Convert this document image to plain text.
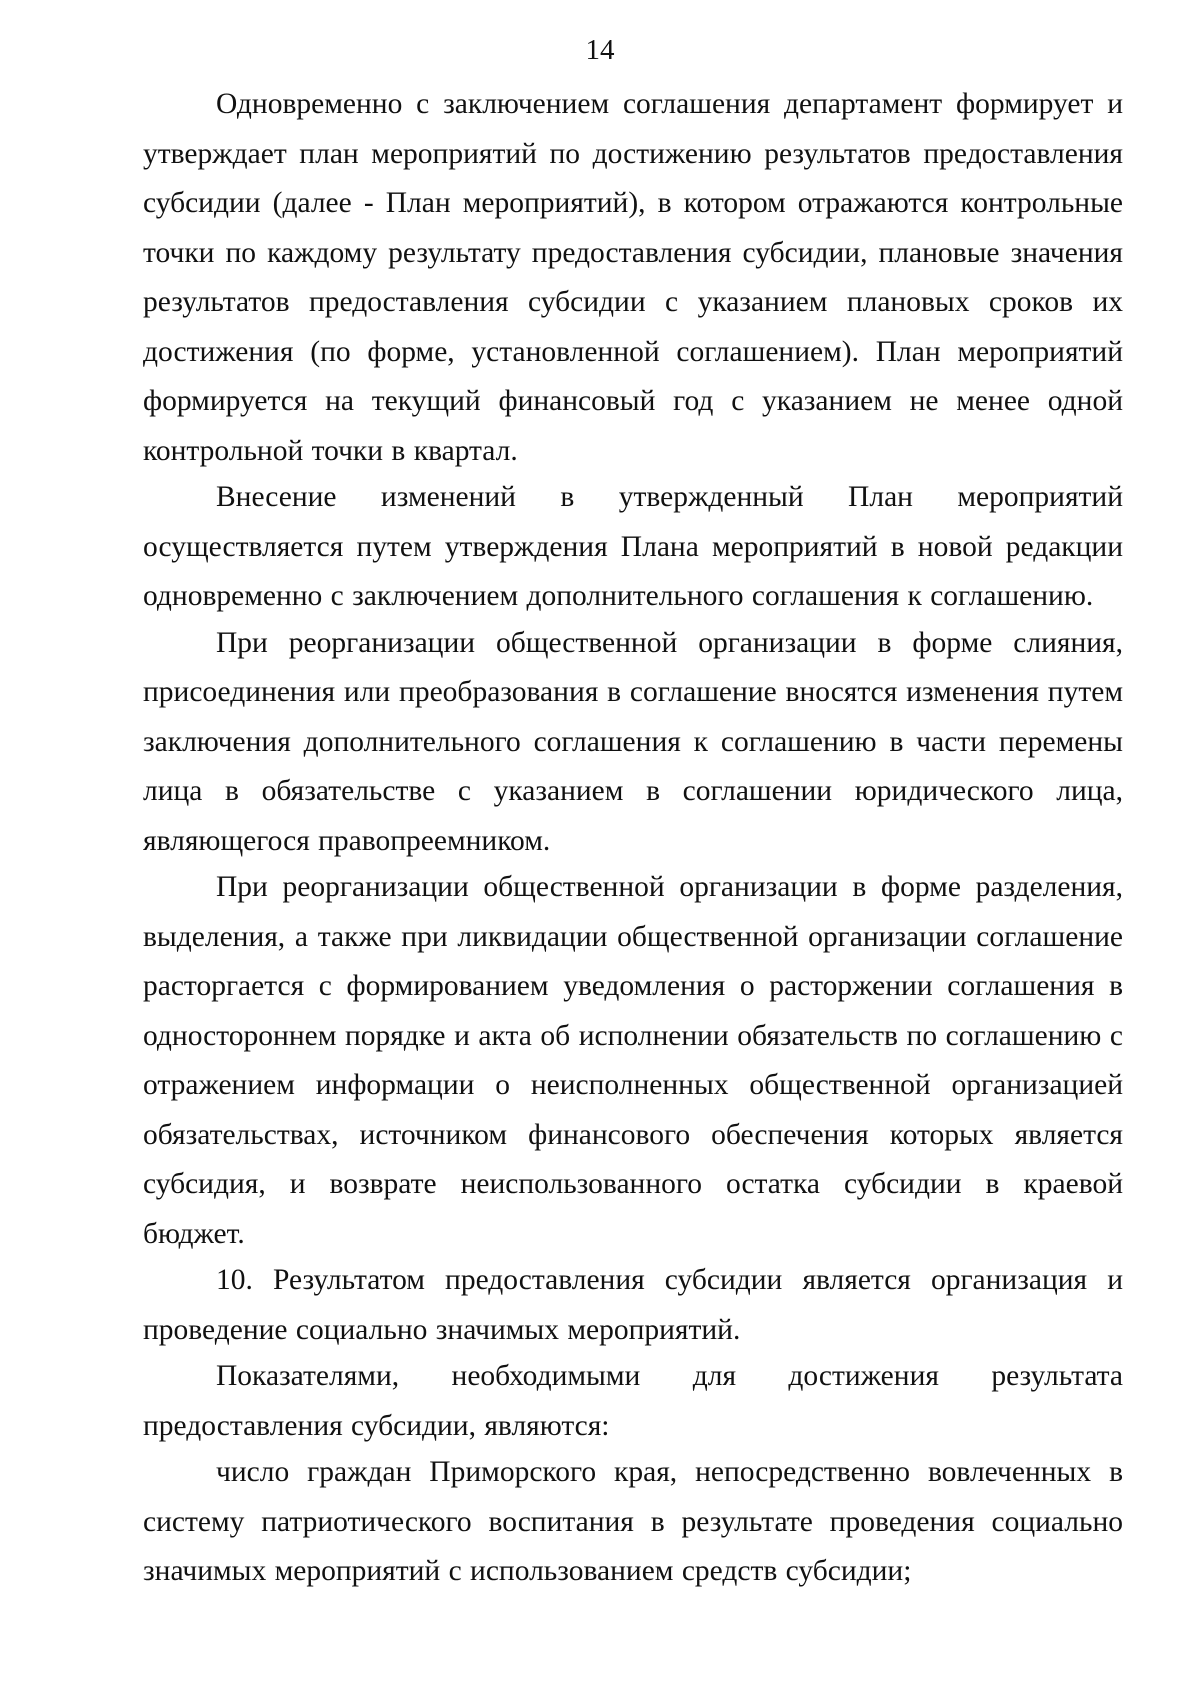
14

Одновременно с заключением соглашения департамент формирует и утверждает план мероприятий по достижению результатов предоставления субсидии (далее - План мероприятий), в котором отражаются контрольные точки по каждому результату предоставления субсидии, плановые значения результатов предоставления субсидии с указанием плановых сроков их достижения (по форме, установленной соглашением). План мероприятий формируется на текущий финансовый год с указанием не менее одной контрольной точки в квартал.

Внесение изменений в утвержденный План мероприятий осуществляется путем утверждения Плана мероприятий в новой редакции одновременно с заключением дополнительного соглашения к соглашению.

При реорганизации общественной организации в форме слияния, присоединения или преобразования в соглашение вносятся изменения путем заключения дополнительного соглашения к соглашению в части перемены лица в обязательстве с указанием в соглашении юридического лица, являющегося правопреемником.

При реорганизации общественной организации в форме разделения, выделения, а также при ликвидации общественной организации соглашение расторгается с формированием уведомления о расторжении соглашения в одностороннем порядке и акта об исполнении обязательств по соглашению с отражением информации о неисполненных общественной организацией обязательствах, источником финансового обеспечения которых является субсидия, и возврате неиспользованного остатка субсидии в краевой бюджет.

10. Результатом предоставления субсидии является организация и проведение социально значимых мероприятий.

Показателями, необходимыми для достижения результата предоставления субсидии, являются:

число граждан Приморского края, непосредственно вовлеченных в систему патриотического воспитания в результате проведения социально значимых мероприятий с использованием средств субсидии;
